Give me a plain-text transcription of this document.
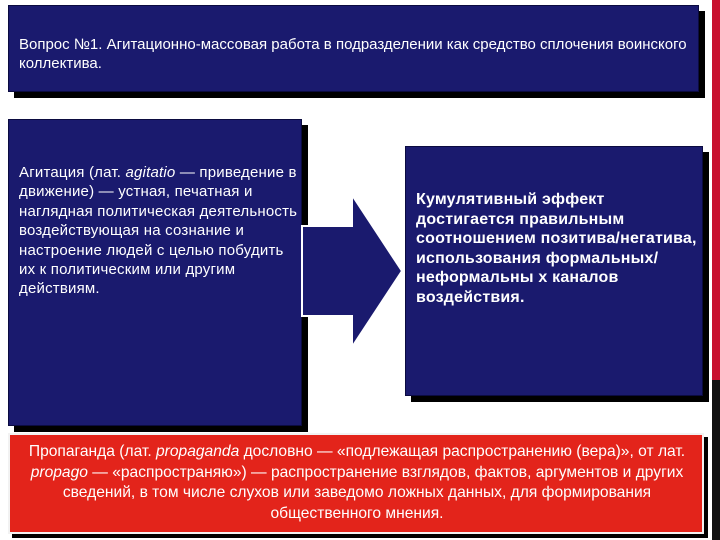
Вопрос №1. Агитационно-массовая работа в подразделении как средство сплочения воинского коллектива.
Агитация (лат. agitatio — приведение в движение) — устная, печатная и наглядная политическая деятельность воздействующая на сознание и настроение людей с целью побудить их к политическим или другим действиям.
Кумулятивный эффект достигается правильным соотношением позитива/негатива, использования формальных/неформальны х каналов воздействия.
Пропаганда (лат. propaganda дословно — «подлежащая распространению (вера)», от лат. propago — «распространяю») — распространение взглядов, фактов, аргументов и других сведений, в том числе слухов или заведомо ложных данных, для формирования общественного мнения.
